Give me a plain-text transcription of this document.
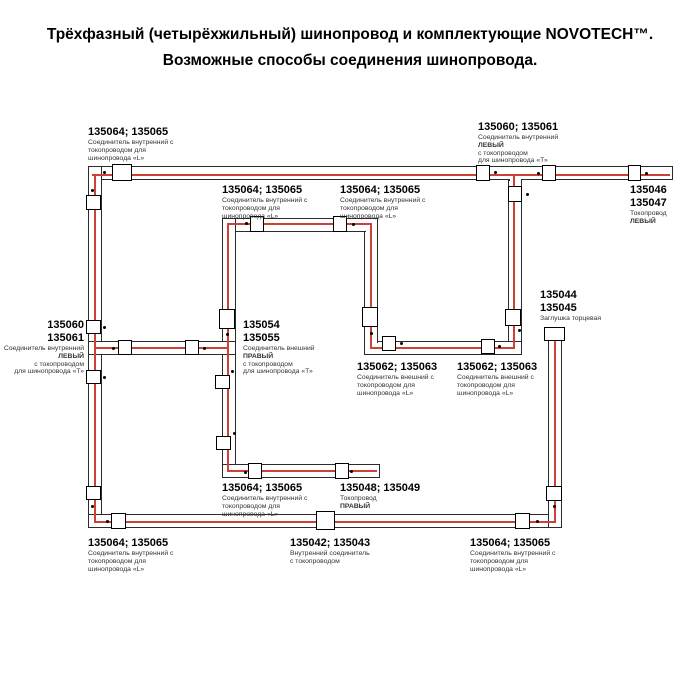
Трёхфазный (четырёхжильный) шинопровод и комплектующие NOVOTECH™.
Возможные способы соединения шинопровода.
135064; 135065
Соединитель внутренний с
токопроводом для
шинопровода «L»
135060; 135061
Соединитель внутренний
ЛЕВЫЙ
с токопроводом
для шинопровода «Т»
135046
135047
Токопровод
ЛЕВЫЙ
135064; 135065
Соединитель внутренний с
токопроводом для
шинопровода «L»
135064; 135065
Соединитель внутренний с
токопроводом для
шинопровода «L»
135060
135061
Соединитель внутренний
ЛЕВЫЙ
с токопроводом
для шинопровода «Т»
135054
135055
Соединитель внешний
ПРАВЫЙ
с токопроводом
для шинопровода «Т»	135062; 135063
Соединитель внешний с
токопроводом для
шинопровода «L»
135062; 135063
Соединитель внешний с
токопроводом для
шинопровода «L»
135044
135045
Заглушка торцевая
135064; 135065
Соединитель внутренний с
токопроводом для
шинопровода «L»
135048; 135049
Токопровод
ПРАВЫЙ
135064; 135065
Соединитель внутренний с
токопроводом для
шинопровода «L»
135042; 135043
Внутренний соединитель
с токопроводом
135064; 135065
Соединитель внутренний с
токопроводом для
шинопровода «L»
